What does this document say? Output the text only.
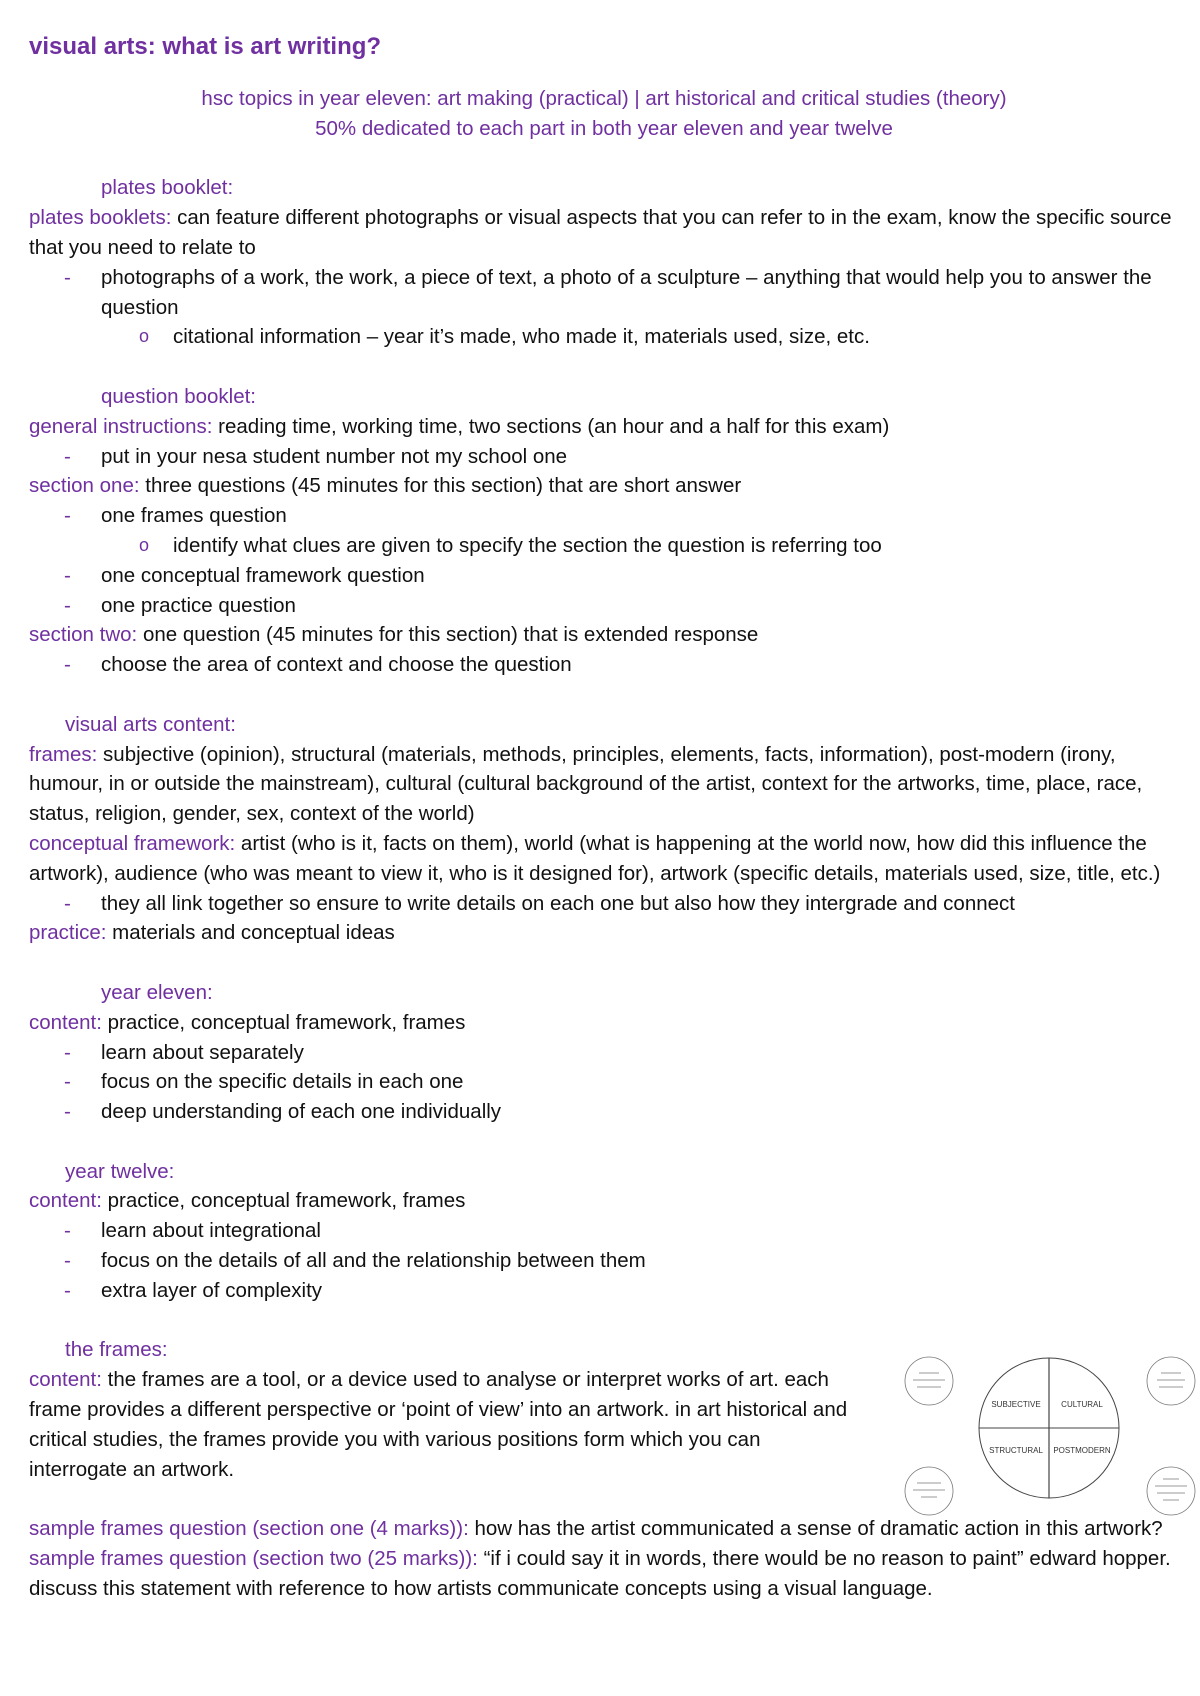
visual arts: what is art writing?
hsc topics in year eleven: art making (practical) | art historical and critical studies (theory)
50% dedicated to each part in both year eleven and year twelve
plates booklet:
plates booklets: can feature different photographs or visual aspects that you can refer to in the exam, know the specific source that you need to relate to
- photographs of a work, the work, a piece of text, a photo of a sculpture – anything that would help you to answer the question
o citational information – year it’s made, who made it, materials used, size, etc.
question booklet:
general instructions: reading time, working time, two sections (an hour and a half for this exam)
- put in your nesa student number not my school one
section one: three questions (45 minutes for this section) that are short answer
- one frames question
o identify what clues are given to specify the section the question is referring too
- one conceptual framework question
- one practice question
section two: one question (45 minutes for this section) that is extended response
- choose the area of context and choose the question
visual arts content:
frames: subjective (opinion), structural (materials, methods, principles, elements, facts, information), post-modern (irony, humour, in or outside the mainstream), cultural (cultural background of the artist, context for the artworks, time, place, race, status, religion, gender, sex, context of the world)
conceptual framework: artist (who is it, facts on them), world (what is happening at the world now, how did this influence the artwork), audience (who was meant to view it, who is it designed for), artwork (specific details, materials used, size, title, etc.)
- they all link together so ensure to write details on each one but also how they intergrade and connect
practice: materials and conceptual ideas
year eleven:
content: practice, conceptual framework, frames
- learn about separately
- focus on the specific details in each one
- deep understanding of each one individually
year twelve:
content: practice, conceptual framework, frames
- learn about integrational
- focus on the details of all and the relationship between them
- extra layer of complexity
the frames:
content: the frames are a tool, or a device used to analyse or interpret works of art. each frame provides a different perspective or ‘point of view’ into an artwork. in art historical and critical studies, the frames provide you with various positions form which you can interrogate an artwork.
SUBJECTIVE	CULTURAL
STRUCTURAL POSTMODERN
sample frames question (section one (4 marks)): how has the artist communicated a sense of dramatic action in this artwork?
sample frames question (section two (25 marks)): “if i could say it in words, there would be no reason to paint” edward hopper. discuss this statement with reference to how artists communicate concepts using a visual language.
